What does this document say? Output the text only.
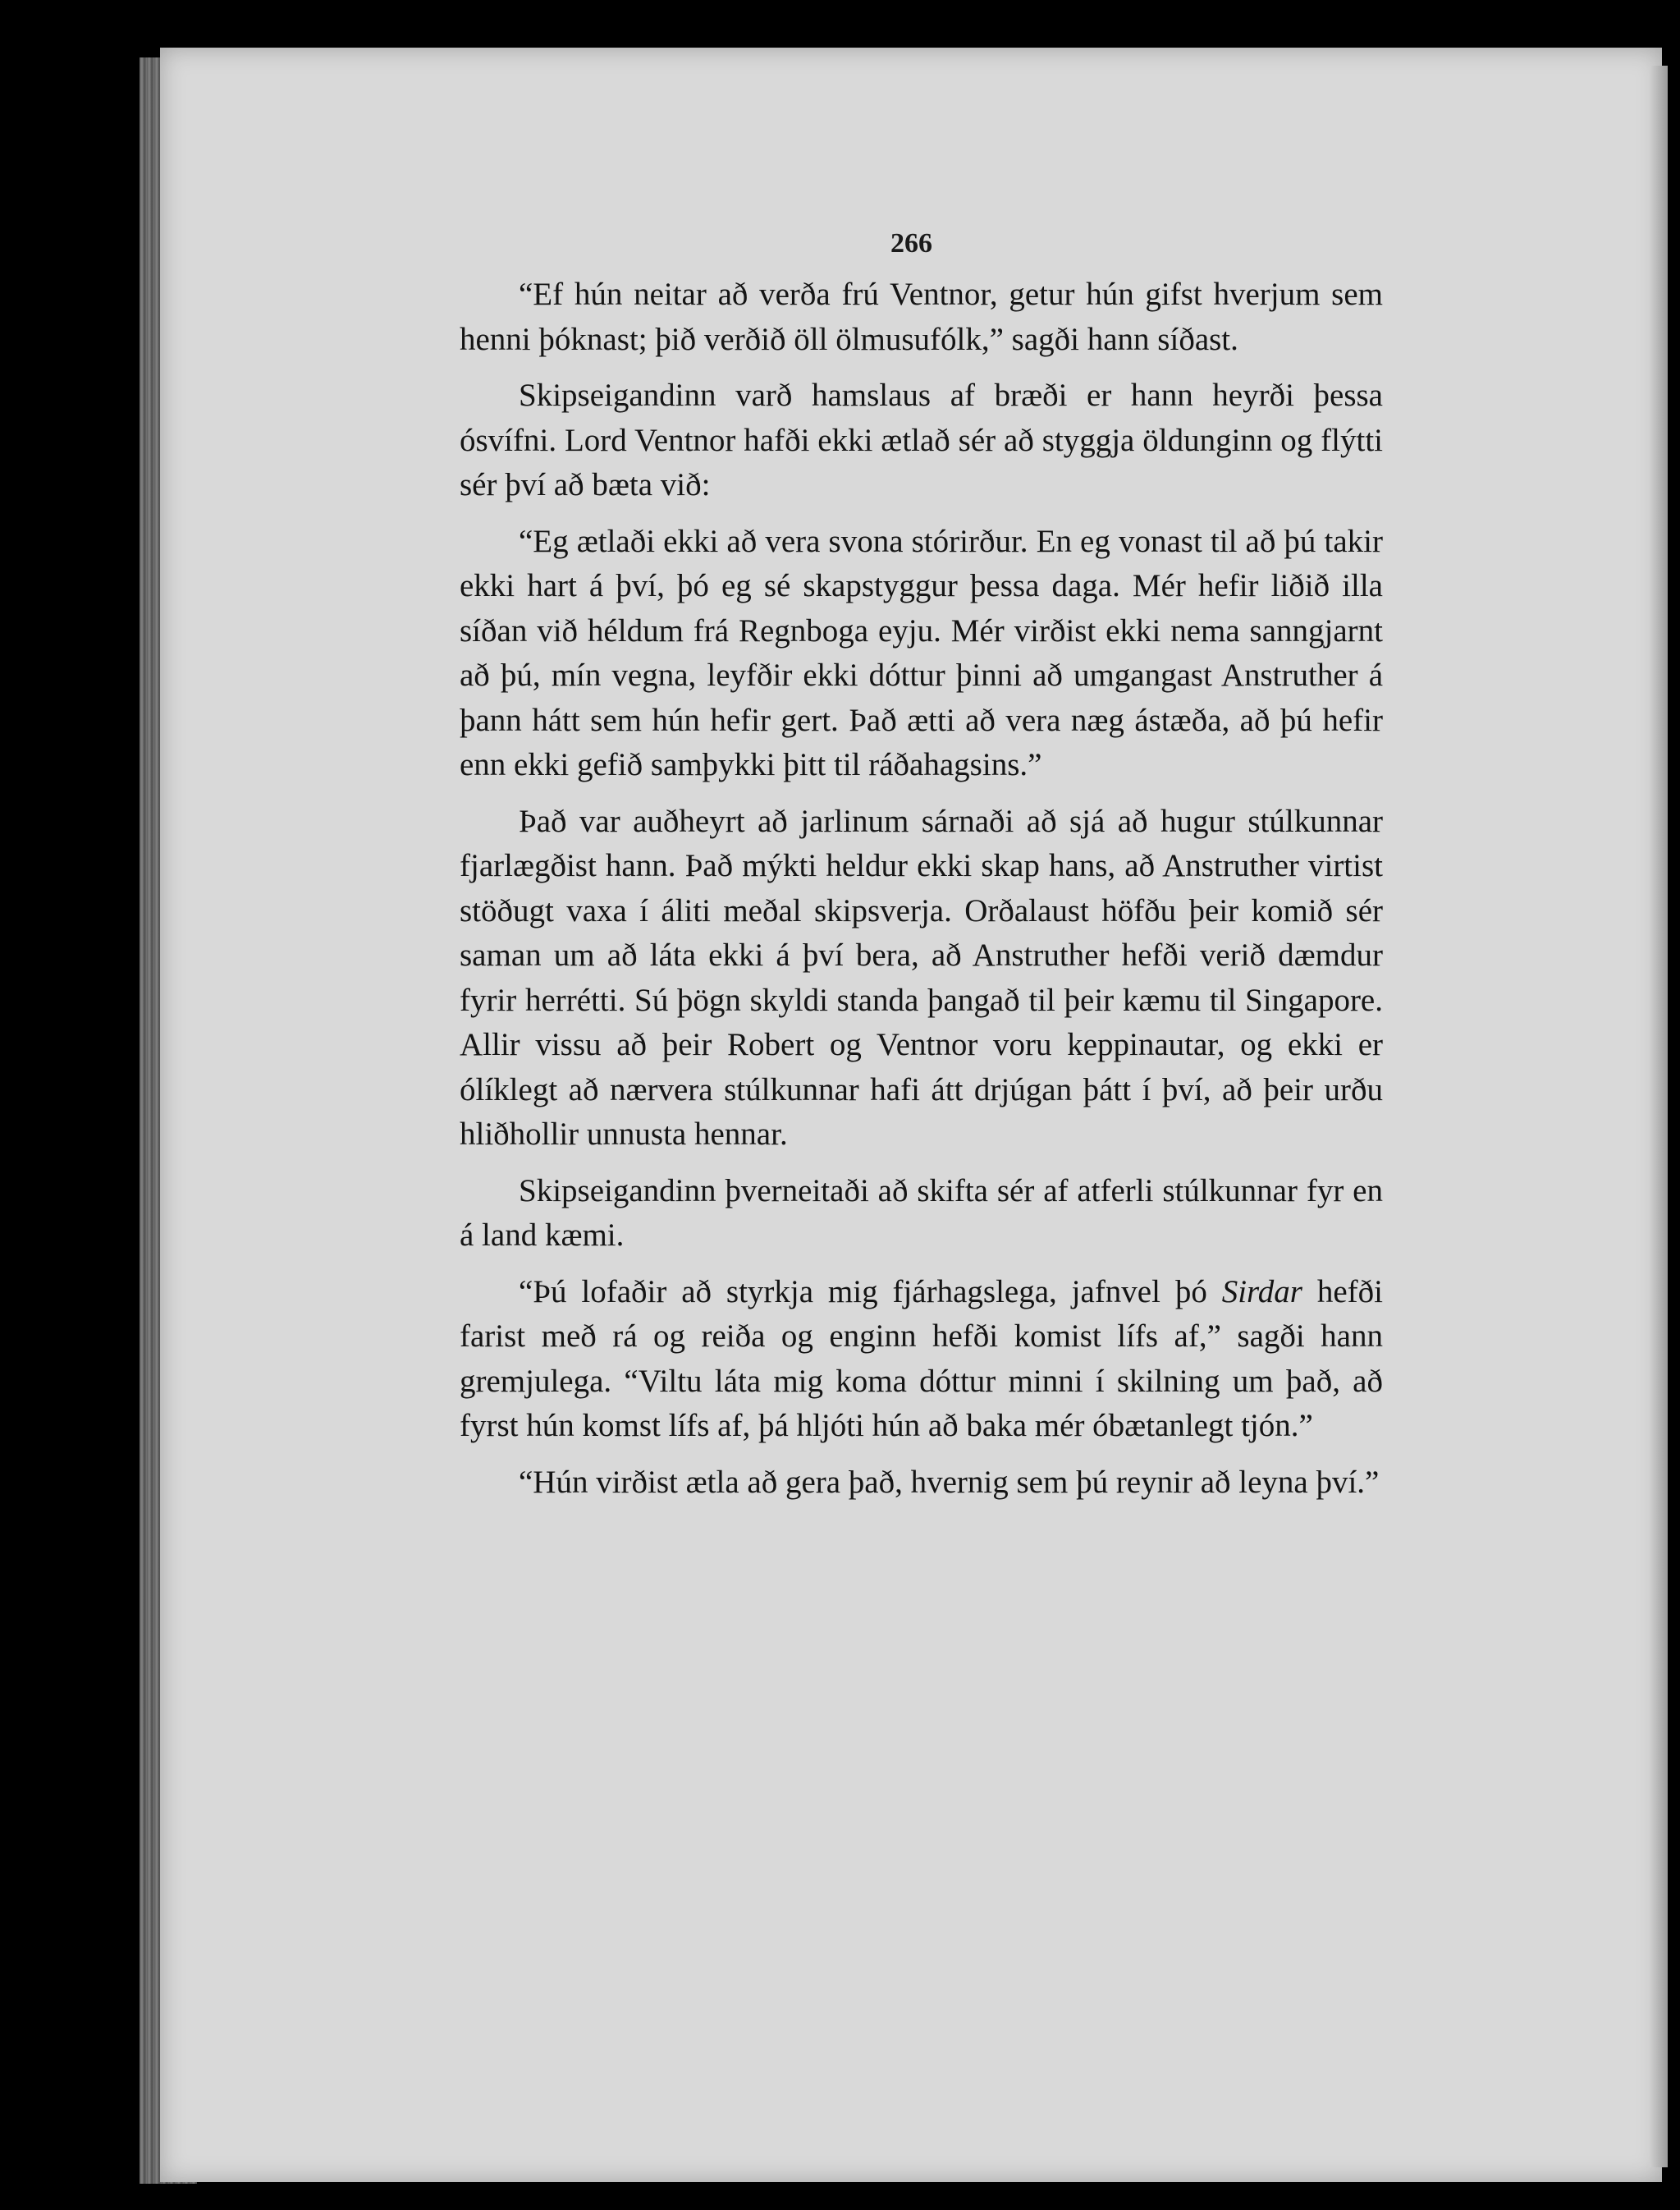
266

“Ef hún neitar að verða frú Ventnor, getur hún gifst hverjum sem henni þóknast; þið verðið öll ölmusufólk,” sagði hann síðast.

Skipseigandinn varð hamslaus af bræði er hann heyrði þessa ósvífni. Lord Ventnor hafði ekki ætlað sér að styggja öldunginn og flýtti sér því að bæta við:

“Eg ætlaði ekki að vera svona stórirður. En eg vonast til að þú takir ekki hart á því, þó eg sé skapstyggur þessa daga. Mér hefir liðið illa síðan við héldum frá Regnboga eyju. Mér virðist ekki nema sanngjarnt að þú, mín vegna, leyfðir ekki dóttur þinni að umgangast Anstruther á þann hátt sem hún hefir gert. Það ætti að vera næg ástæða, að þú hefir enn ekki gefið samþykki þitt til ráðahagsins.”

Það var auðheyrt að jarlinum sárnaði að sjá að hugur stúlkunnar fjarlægðist hann. Það mýkti heldur ekki skap hans, að Anstruther virtist stöðugt vaxa í áliti meðal skipsverja. Orðalaust höfðu þeir komið sér saman um að láta ekki á því bera, að Anstruther hefði verið dæmdur fyrir herrétti. Sú þögn skyldi standa þangað til þeir kæmu til Singapore. Allir vissu að þeir Robert og Ventnor voru keppinautar, og ekki er ólíklegt að nærvera stúlkunnar hafi átt drjúgan þátt í því, að þeir urðu hliðhollir unnusta hennar.

Skipseigandinn þverneitaði að skifta sér af atferli stúlkunnar fyr en á land kæmi.

“Þú lofaðir að styrkja mig fjárhagslega, jafnvel þó Sirdar hefði farist með rá og reiða og enginn hefði komist lífs af,” sagði hann gremjulega. “Viltu láta mig koma dóttur minni í skilning um það, að fyrst hún komst lífs af, þá hljóti hún að baka mér óbætanlegt tjón.”

“Hún virðist ætla að gera það, hvernig sem þú reynir að leyna því.”
